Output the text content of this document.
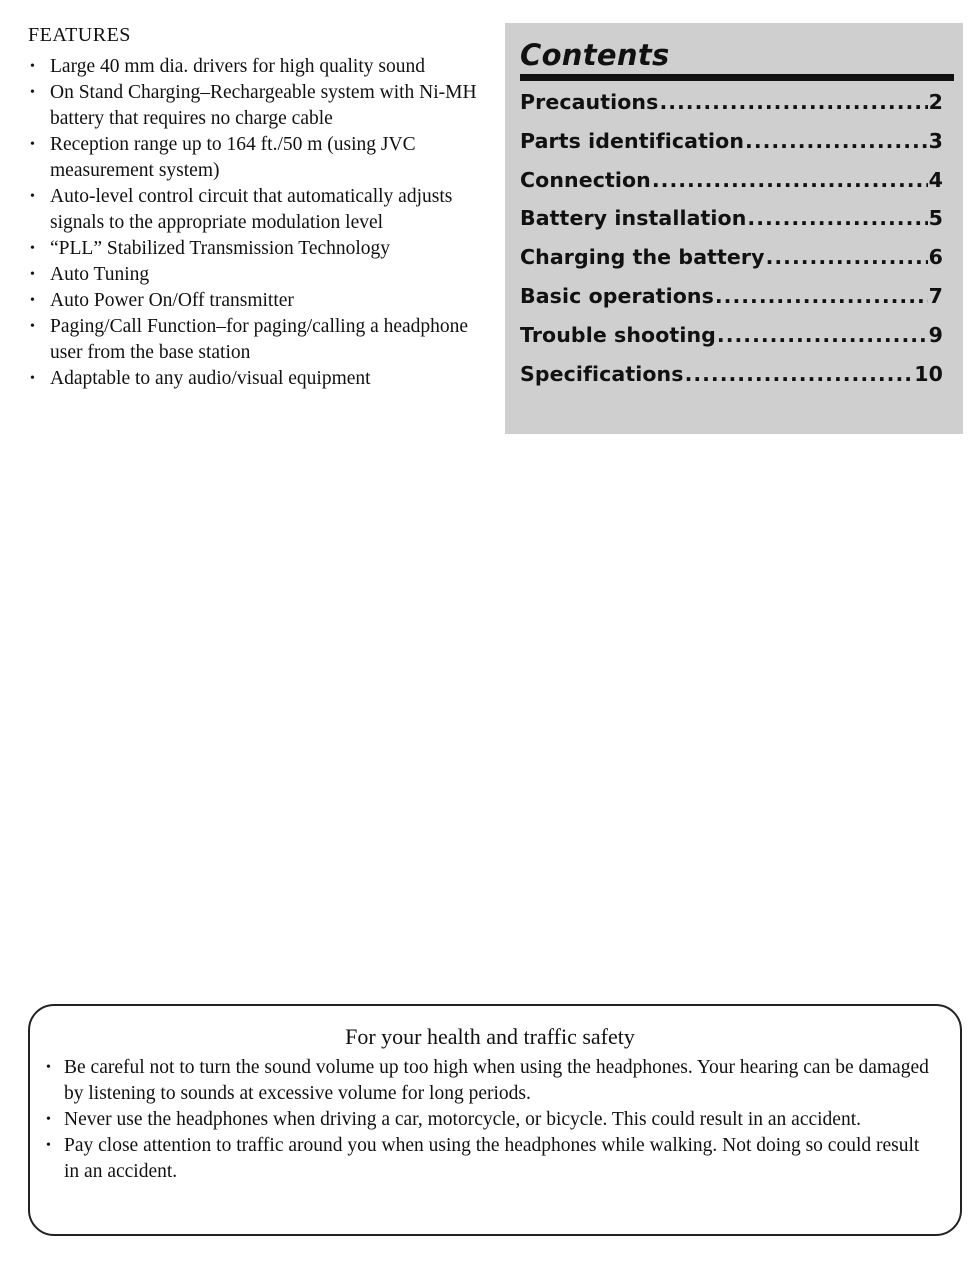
FEATURES
• Large 40 mm dia. drivers for high quality sound
• On Stand Charging–Rechargeable system with Ni-MH battery that requires no charge cable
• Reception range up to 164 ft./50 m (using JVC measurement system)
• Auto-level control circuit that automatically adjusts signals to the appropriate modulation level
• “PLL” Stabilized Transmission Technology
• Auto Tuning
• Auto Power On/Off transmitter
• Paging/Call Function–for paging/calling a headphone user from the base station
• Adaptable to any audio/visual equipment
Contents
Precautions .....	2
Parts identification .....	3
Connection .....	4
Battery installation .....	5
Charging the battery .....	6
Basic operations .....	7
Trouble shooting .....	9
Specifications .....	10
For your health and traffic safety
• Be careful not to turn the sound volume up too high when using the headphones. Your hearing can be damaged by listening to sounds at excessive volume for long periods.
• Never use the headphones when driving a car, motorcycle, or bicycle. This could result in an accident.
• Pay close attention to traffic around you when using the headphones while walking. Not doing so could result in an accident.
